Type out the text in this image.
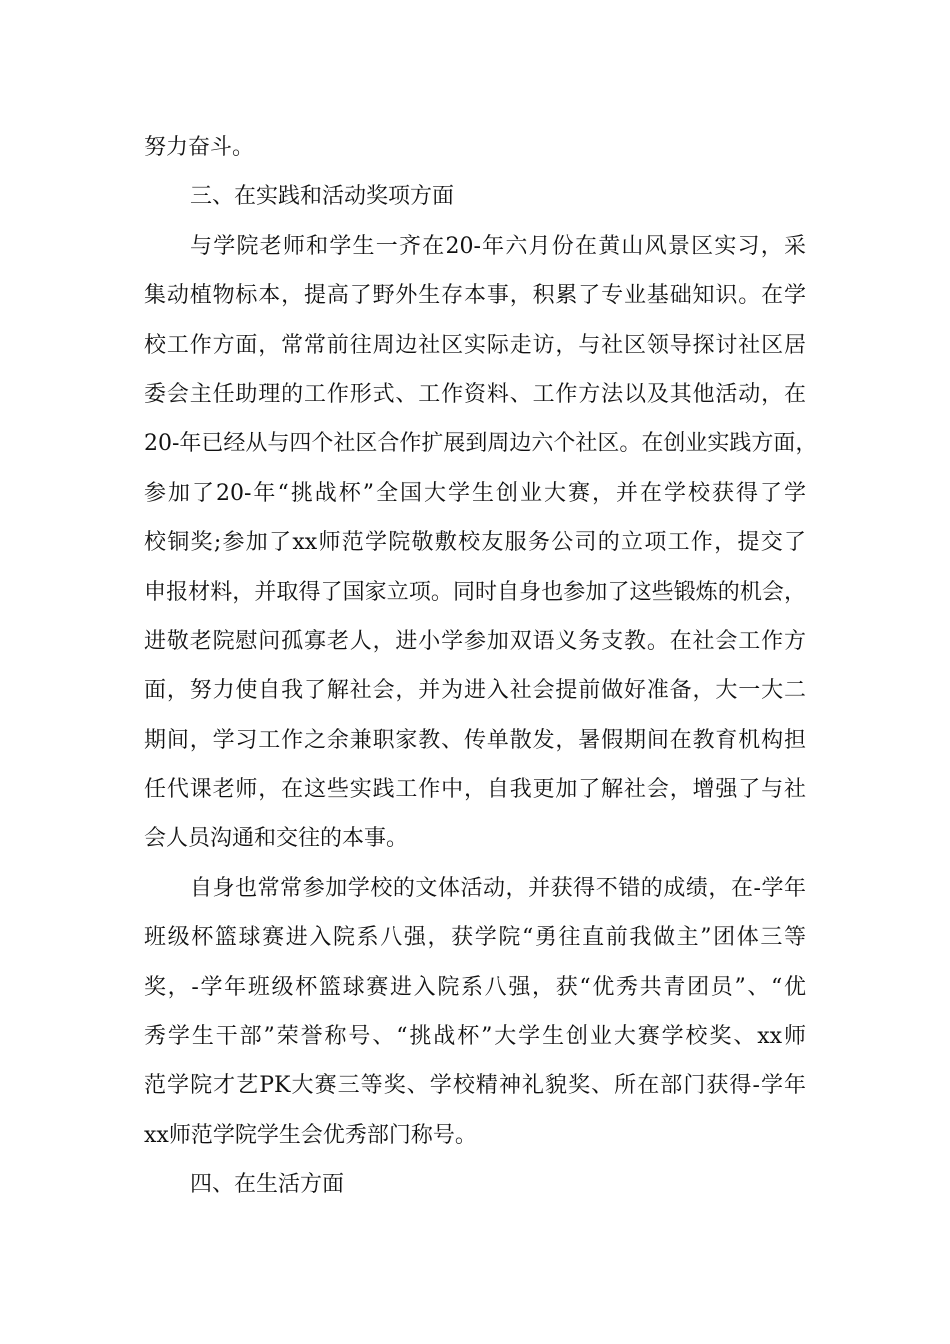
努力奋斗。
三、在实践和活动奖项方面
与学院老师和学生一齐在20-年六月份在黄山风景区实习，采
集动植物标本，提高了野外生存本事，积累了专业基础知识。在学
校工作方面，常常前往周边社区实际走访，与社区领导探讨社区居
委会主任助理的工作形式、工作资料、工作方法以及其他活动，在
20-年已经从与四个社区合作扩展到周边六个社区。在创业实践方面，
参加了20-年“挑战杯”全国大学生创业大赛，并在学校获得了学
校铜奖;参加了xx师范学院敬敷校友服务公司的立项工作，提交了
申报材料，并取得了国家立项。同时自身也参加了这些锻炼的机会，
进敬老院慰问孤寡老人，进小学参加双语义务支教。在社会工作方
面，努力使自我了解社会，并为进入社会提前做好准备，大一大二
期间，学习工作之余兼职家教、传单散发，暑假期间在教育机构担
任代课老师，在这些实践工作中，自我更加了解社会，增强了与社
会人员沟通和交往的本事。
自身也常常参加学校的文体活动，并获得不错的成绩，在-学年
班级杯篮球赛进入院系八强，获学院“勇往直前我做主”团体三等
奖，-学年班级杯篮球赛进入院系八强，获“优秀共青团员”、“优
秀学生干部”荣誉称号、“挑战杯”大学生创业大赛学校奖、xx师
范学院才艺PK大赛三等奖、学校精神礼貌奖、所在部门获得-学年
xx师范学院学生会优秀部门称号。
四、在生活方面
